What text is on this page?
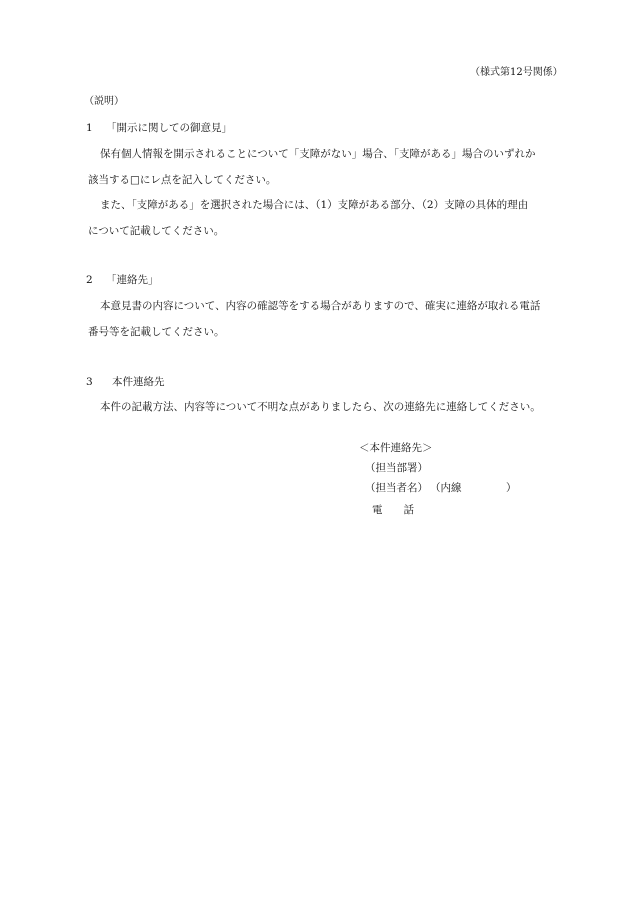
（様式第12号関係）
（説明）
1 「開示に関しての御意見」
保有個人情報を開示されることについて「支障がない」場合、「支障がある」場合のいずれか
該当する□にレ点を記入してください。
また、「支障がある」を選択された場合には、（1）支障がある部分、（2）支障の具体的理由
について記載してください。
2 「連絡先」
本意見書の内容について、内容の確認等をする場合がありますので、確実に連絡が取れる電話
番号等を記載してください。
3 本件連絡先
本件の記載方法、内容等について不明な点がありましたら、次の連絡先に連絡してください。
＜本件連絡先＞
（担当部署）
（担当者名） （内線	）
電　　話
